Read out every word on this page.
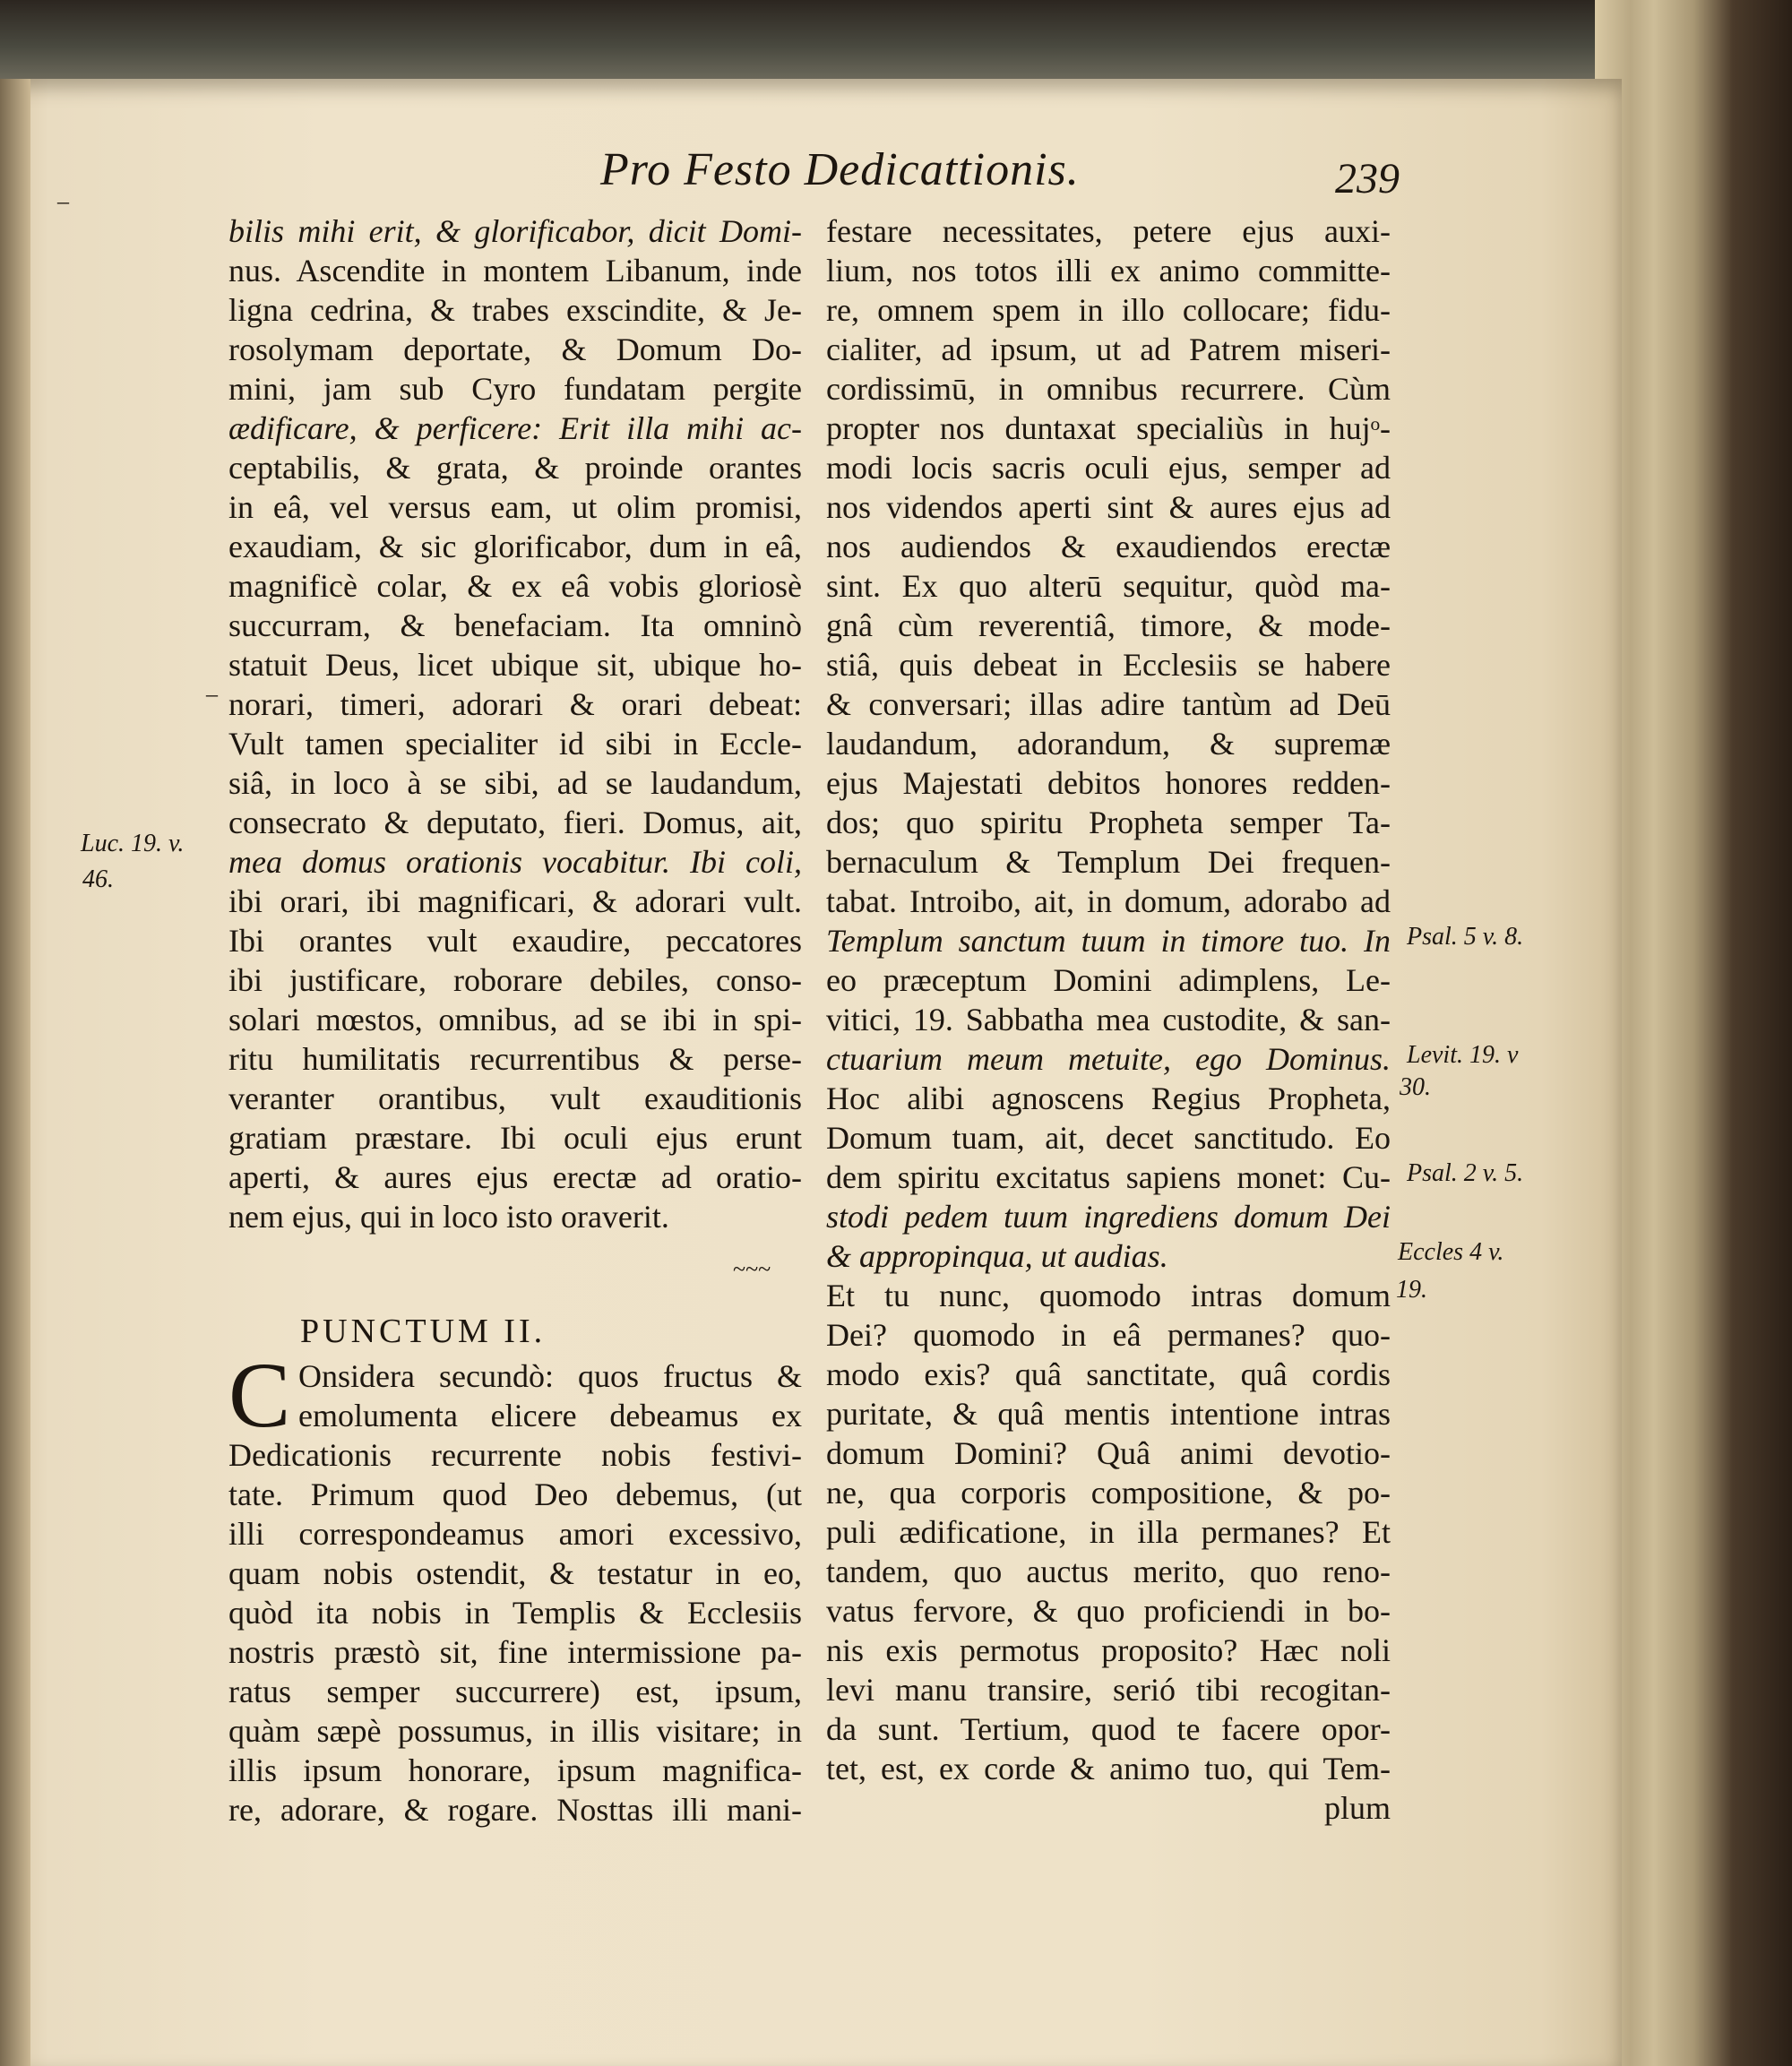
Pro Festo Dedicattionis.	239
bilis mihi erit, & glorificabor, dicit Domi-
nus. Ascendite in montem Libanum, inde
ligna cedrina, & trabes exscindite, & Je-
rosolymam deportate, & Domum Do-
mini, jam sub Cyro fundatam pergite
ædificare, & perficere: Erit illa mihi ac-
ceptabilis, & grata, & proinde orantes
in eâ, vel versus eam, ut olim promisi,
exaudiam, & sic glorificabor, dum in eâ,
magnificè colar, & ex eâ vobis gloriosè
succurram, & benefaciam. Ita omninò
statuit Deus, licet ubique sit, ubique ho-
norari, timeri, adorari & orari debeat:
Vult tamen specialiter id sibi in Eccle-
siâ, in loco à se sibi, ad se laudandum,
consecrato & deputato, fieri. Domus, ait,
mea domus orationis vocabitur. Ibi coli,
ibi orari, ibi magnificari, & adorari vult.
Ibi orantes vult exaudire, peccatores
ibi justificare, roborare debiles, conso-
solari mœstos, omnibus, ad se ibi in spi-
ritu humilitatis recurrentibus & perse-
veranter orantibus, vult exauditionis
gratiam præstare. Ibi oculi ejus erunt
aperti, & aures ejus erectæ ad oratio-
nem ejus, qui in loco isto oraverit.
festare necessitates, petere ejus auxi-
lium, nos totos illi ex animo committe-
re, omnem spem in illo collocare; fidu-
cialiter, ad ipsum, ut ad Patrem miseri-
cordissimū, in omnibus recurrere. Cùm
propter nos duntaxat specialiùs in hujᵒ-
modi locis sacris oculi ejus, semper ad
nos videndos aperti sint & aures ejus ad
nos audiendos & exaudiendos erectæ
sint. Ex quo alterū sequitur, quòd ma-
gnâ cùm reverentiâ, timore, & mode-
stiâ, quis debeat in Ecclesiis se habere
& conversari; illas adire tantùm ad Deū
laudandum, adorandum, & supremæ
ejus Majestati debitos honores redden-
dos; quo spiritu Propheta semper Ta-
bernaculum & Templum Dei frequen-
tabat. Introibo, ait, in domum, adorabo ad
Templum sanctum tuum in timore tuo. In
eo præceptum Domini adimplens, Le-
vitici, 19. Sabbatha mea custodite, & san-
ctuarium meum metuite, ego Dominus.
Hoc alibi agnoscens Regius Propheta,
Domum tuam, ait, decet sanctitudo. Eo
dem spiritu excitatus sapiens monet: Cu-
stodi pedem tuum ingrediens domum Dei
& appropinqua, ut audias.
Et tu nunc, quomodo intras domum
Dei? quomodo in eâ permanes? quo-
modo exis? quâ sanctitate, quâ cordis
puritate, & quâ mentis intentione intras
domum Domini? Quâ animi devotio-
ne, qua corporis compositione, & po-
puli ædificatione, in illa permanes? Et
tandem, quo auctus merito, quo reno-
vatus fervore, & quo proficiendi in bo-
nis exis permotus proposito? Hæc noli
levi manu transire, serió tibi recogitan-
da sunt. Tertium, quod te facere opor-
tet, est, ex corde & animo tuo, qui Tem-
plum
~~~
PUNCTUM II.
C Onsidera secundò: quos fructus &
emolumenta elicere debeamus ex
Dedicationis recurrente nobis festivi-
tate. Primum quod Deo debemus, (ut
illi correspondeamus amori excessivo,
quam nobis ostendit, & testatur in eo,
quòd ita nobis in Templis & Ecclesiis
nostris præstò sit, fine intermissione pa-
ratus semper succurrere) est, ipsum,
quàm sæpè possumus, in illis visitare; in
illis ipsum honorare, ipsum magnifica-
re, adorare, & rogare. Nosttas illi mani-
Luc. 19. v.
46.
Psal. 5 v. 8.
Levit. 19. v
30.
Psal. 2 v. 5.
Eccles 4 v.
19.
–
–
